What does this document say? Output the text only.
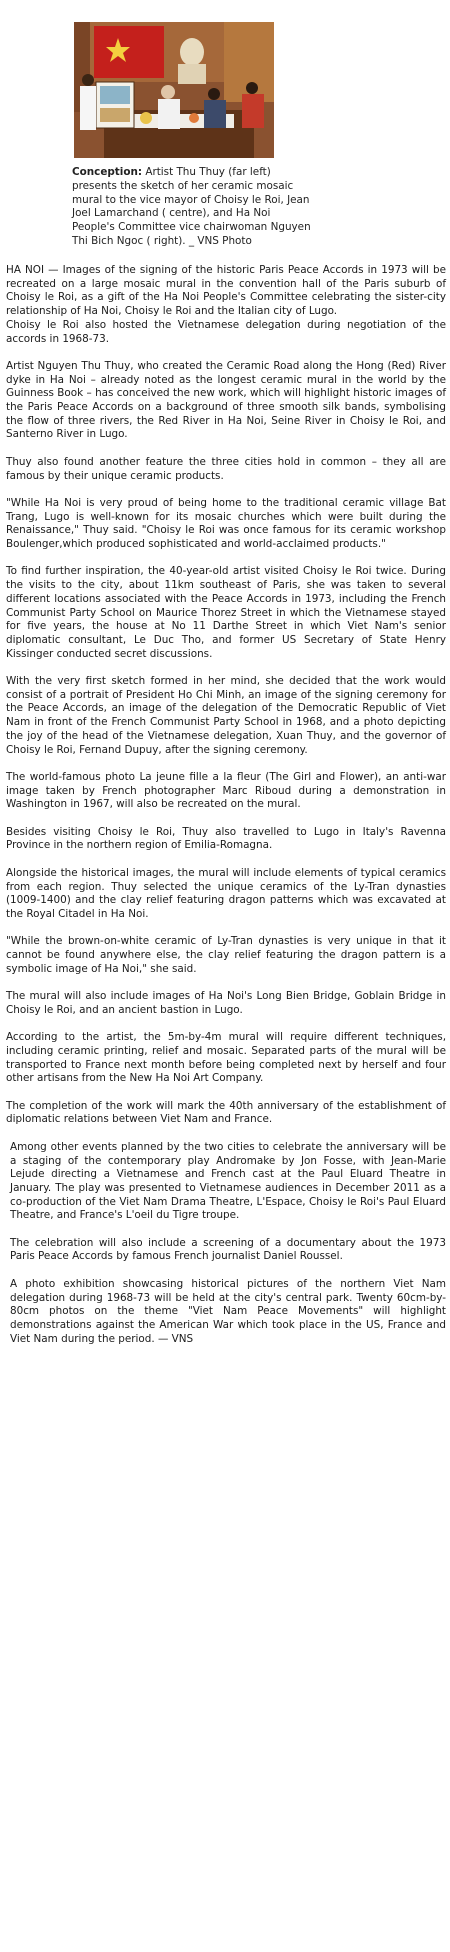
Conception: Artist Thu Thuy (far left) presents the sketch of her ceramic mosaic mural to the vice mayor of Choisy le Roi, Jean Joel Lamarchand ( centre), and Ha Noi People's Committee vice chairwoman Nguyen Thi Bich Ngoc ( right). _ VNS Photo

HA NOI — Images of the signing of the historic Paris Peace Accords in 1973 will be recreated on a large mosaic mural in the convention hall of the Paris suburb of Choisy le Roi, as a gift of the Ha Noi People's Committee celebrating the sister-city relationship of Ha Noi, Choisy le Roi and the Italian city of Lugo.

Choisy le Roi also hosted the Vietnamese delegation during negotiation of the accords in 1968-73.

Artist Nguyen Thu Thuy, who created the Ceramic Road along the Hong (Red) River dyke in Ha Noi – already noted as the longest ceramic mural in the world by the Guinness Book – has conceived the new work, which will highlight historic images of the Paris Peace Accords on a background of three smooth silk bands, symbolising the flow of three rivers, the Red River in Ha Noi, Seine River in Choisy le Roi, and Santerno River in Lugo.

Thuy also found another feature the three cities hold in common – they all are famous by their unique ceramic products.

"While Ha Noi is very proud of being home to the traditional ceramic village Bat Trang, Lugo is well-known for its mosaic churches which were built during the Renaissance," Thuy said. "Choisy le Roi was once famous for its ceramic workshop Boulenger,which produced sophisticated and world-acclaimed products."

To find further inspiration, the 40-year-old artist visited Choisy le Roi twice. During the visits to the city, about 11km southeast of Paris, she was taken to several different locations associated with the Peace Accords in 1973, including the French Communist Party School on Maurice Thorez Street in which the Vietnamese stayed for five years, the house at No 11 Darthe Street in which Viet Nam's senior diplomatic consultant, Le Duc Tho, and former US Secretary of State Henry Kissinger conducted secret discussions.

With the very first sketch formed in her mind, she decided that the work would consist of a portrait of President Ho Chi Minh, an image of the signing ceremony for the Peace Accords, an image of the delegation of the Democratic Republic of Viet Nam in front of the French Communist Party School in 1968, and a photo depicting the joy of the head of the Vietnamese delegation, Xuan Thuy, and the governor of Choisy le Roi, Fernand Dupuy, after the signing ceremony.

The world-famous photo La jeune fille a la fleur (The Girl and Flower), an anti-war image taken by French photographer Marc Riboud during a demonstration in Washington in 1967, will also be recreated on the mural.

Besides visiting Choisy le Roi, Thuy also travelled to Lugo in Italy's Ravenna Province in the northern region of Emilia-Romagna.

Alongside the historical images, the mural will include elements of typical ceramics from each region. Thuy selected the unique ceramics of the Ly-Tran dynasties (1009-1400) and the clay relief featuring dragon patterns which was excavated at the Royal Citadel in Ha Noi.

"While the brown-on-white ceramic of Ly-Tran dynasties is very unique in that it cannot be found anywhere else, the clay relief featuring the dragon pattern is a symbolic image of Ha Noi," she said.

The mural will also include images of Ha Noi's Long Bien Bridge, Goblain Bridge in Choisy le Roi, and an ancient bastion in Lugo.

According to the artist, the 5m-by-4m mural will require different techniques, including ceramic printing, relief and mosaic. Separated parts of the mural will be transported to France next month before being completed next by herself and four other artisans from the New Ha Noi Art Company.

The completion of the work will mark the 40th anniversary of the establishment of diplomatic relations between Viet Nam and France.

Among other events planned by the two cities to celebrate the anniversary will be a staging of the contemporary play Andromake by Jon Fosse, with Jean-Marie Lejude directing a Vietnamese and French cast at the Paul Eluard Theatre in January. The play was presented to Vietnamese audiences in December 2011 as a co-production of the Viet Nam Drama Theatre, L'Espace, Choisy le Roi's Paul Eluard Theatre, and France's L'oeil du Tigre troupe.

The celebration will also include a screening of a documentary about the 1973 Paris Peace Accords by famous French journalist Daniel Roussel.

A photo exhibition showcasing historical pictures of the northern Viet Nam delegation during 1968-73 will be held at the city's central park. Twenty 60cm-by-80cm photos on the theme "Viet Nam Peace Movements" will highlight demonstrations against the American War which took place in the US, France and Viet Nam during the period. — VNS
